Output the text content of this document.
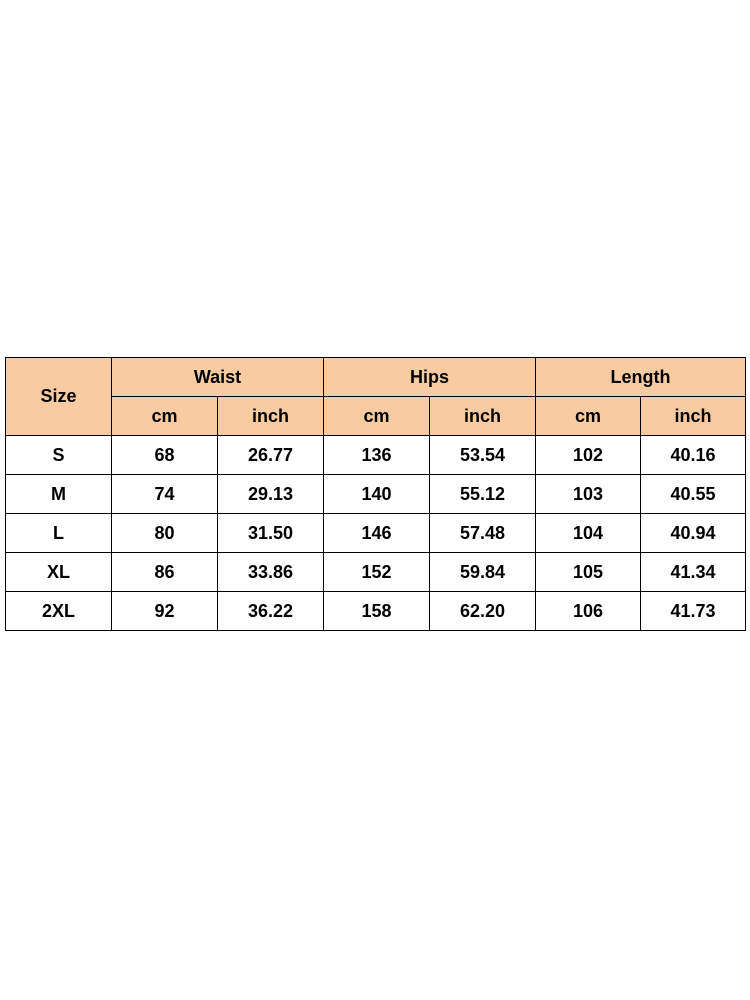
Size	Waist		Hips		Length	
	cm	inch	cm	inch	cm	inch
S	68	26.77	136	53.54	102	40.16
M	74	29.13	140	55.12	103	40.55
L	80	31.50	146	57.48	104	40.94
XL	86	33.86	152	59.84	105	41.34
2XL	92	36.22	158	62.20	106	41.73
